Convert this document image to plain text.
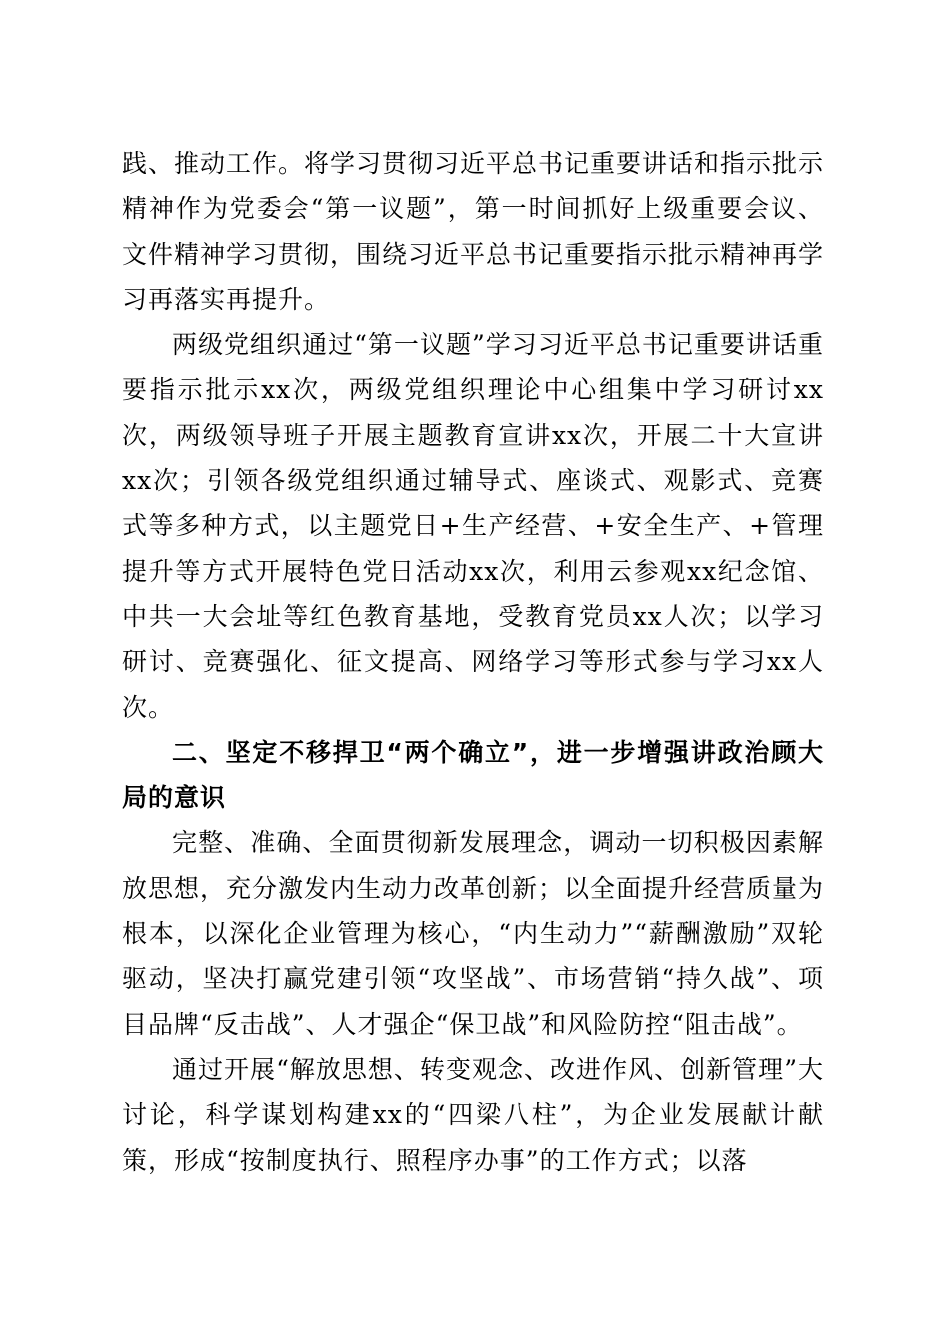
践、推动工作。将学习贯彻习近平总书记重要讲话和指示批示精神作为党委会“第一议题”，第一时间抓好上级重要会议、文件精神学习贯彻，围绕习近平总书记重要指示批示精神再学习再落实再提升。

两级党组织通过“第一议题”学习习近平总书记重要讲话重要指示批示xx次，两级党组织理论中心组集中学习研讨xx次，两级领导班子开展主题教育宣讲xx次，开展二十大宣讲xx次；引领各级党组织通过辅导式、座谈式、观影式、竞赛式等多种方式，以主题党日+生产经营、+安全生产、+管理提升等方式开展特色党日活动xx次，利用云参观xx纪念馆、中共一大会址等红色教育基地，受教育党员xx人次；以学习研讨、竞赛强化、征文提高、网络学习等形式参与学习xx人次。

二、坚定不移捍卫“两个确立”，进一步增强讲政治顾大局的意识

完整、准确、全面贯彻新发展理念，调动一切积极因素解放思想，充分激发内生动力改革创新；以全面提升经营质量为根本，以深化企业管理为核心，“内生动力”“薪酬激励”双轮驱动，坚决打赢党建引领“攻坚战”、市场营销“持久战”、项目品牌“反击战”、人才强企“保卫战”和风险防控“阻击战”。

通过开展“解放思想、转变观念、改进作风、创新管理”大讨论，科学谋划构建xx的“四梁八柱”，为企业发展献计献策，形成“按制度执行、照程序办事”的工作方式；以落
